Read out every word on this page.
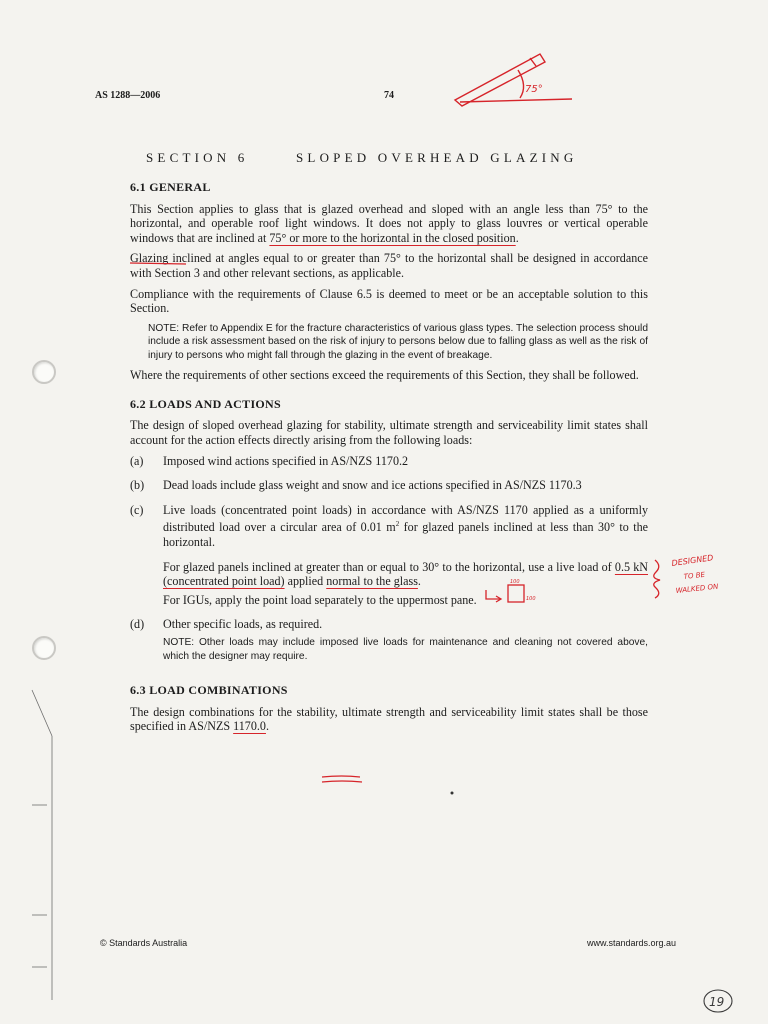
AS 1288—2006	74
SECTION 6	SLOPED OVERHEAD GLAZING
6.1 GENERAL

This Section applies to glass that is glazed overhead and sloped with an angle less than 75° to the horizontal, and operable roof light windows. It does not apply to glass louvres or vertical operable windows that are inclined at 75° or more to the horizontal in the closed position.

Glazing inclined at angles equal to or greater than 75° to the horizontal shall be designed in accordance with Section 3 and other relevant sections, as applicable.

Compliance with the requirements of Clause 6.5 is deemed to meet or be an acceptable solution to this Section.

NOTE: Refer to Appendix E for the fracture characteristics of various glass types. The selection process should include a risk assessment based on the risk of injury to persons below due to falling glass as well as the risk of injury to persons who might fall through the glazing in the event of breakage.

Where the requirements of other sections exceed the requirements of this Section, they shall be followed.

6.2 LOADS AND ACTIONS

The design of sloped overhead glazing for stability, ultimate strength and serviceability limit states shall account for the action effects directly arising from the following loads:

(a)	Imposed wind actions specified in AS/NZS 1170.2

(b)	Dead loads include glass weight and snow and ice actions specified in AS/NZS 1170.3

(c)	Live loads (concentrated point loads) in accordance with AS/NZS 1170 applied as a uniformly distributed load over a circular area of 0.01 $m^2$ for glazed panels inclined at less than 30° to the horizontal.

For glazed panels inclined at greater than or equal to 30° to the horizontal, use a live load of 0.5 kN (concentrated point load) applied normal to the glass.

For IGUs, apply the point load separately to the uppermost pane.

(d)	Other specific loads, as required.

NOTE: Other loads may include imposed live loads for maintenance and cleaning not covered above, which the designer may require.
6.3 LOAD COMBINATIONS

The design combinations for the stability, ultimate strength and serviceability limit states shall be those specified in AS/NZS 1170.0.

© Standards Australia	www.standards.org.au
75°
DESIGNED
TO BE
WALKED ON
100
100
19
